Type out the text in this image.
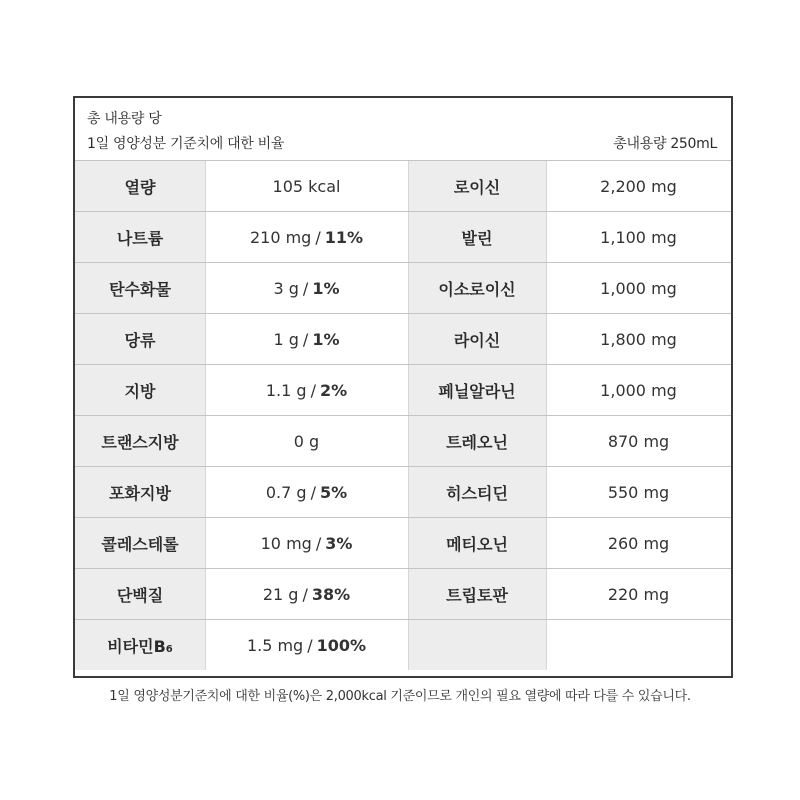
총 내용량 당
1일 영양성분 기준치에 대한 비율	총내용량 250mL
열량	105 kcal	로이신	2,200 mg
나트륨	210 mg / 11%	발린	1,100 mg
탄수화물	3 g / 1%	이소로이신	1,000 mg
당류	1 g / 1%	라이신	1,800 mg
지방	1.1 g / 2%	페닐알라닌	1,000 mg
트랜스지방	0 g	트레오닌	870 mg
포화지방	0.7 g / 5%	히스티딘	550 mg
콜레스테롤	10 mg / 3%	메티오닌	260 mg
단백질	21 g / 38%	트립토판	220 mg
비타민$B_6$	1.5 mg / 100%
1일 영양성분기준치에 대한 비율(%)은 2,000kcal 기준이므로 개인의 필요 열량에 따라 다를 수 있습니다.
